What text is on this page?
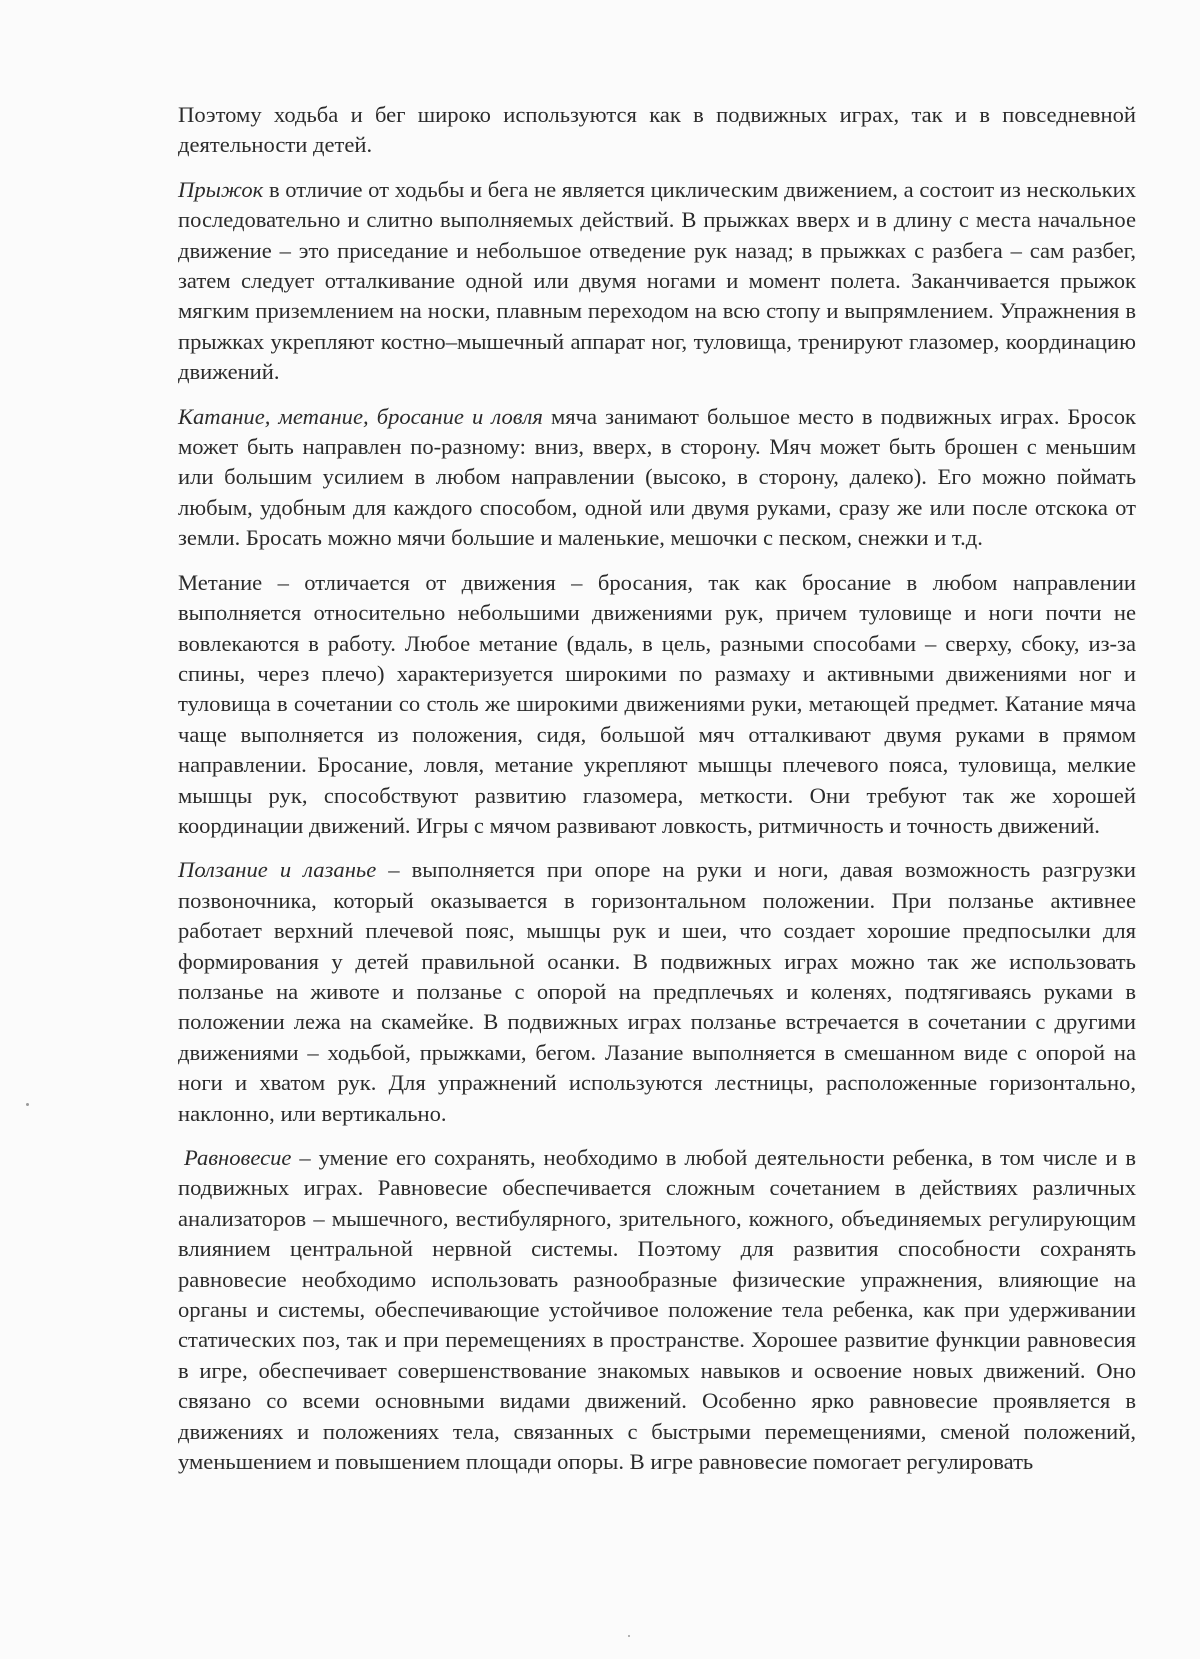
Поэтому ходьба и бег широко используются как в подвижных играх, так и в повседневной деятельности детей.

Прыжок в отличие от ходьбы и бега не является циклическим движением, а состоит из нескольких последовательно и слитно выполняемых действий. В прыжках вверх и в длину с места начальное движение – это приседание и небольшое отведение рук назад; в прыжках с разбега – сам разбег, затем следует отталкивание одной или двумя ногами и момент полета. Заканчивается прыжок мягким приземлением на носки, плавным переходом на всю стопу и выпрямлением. Упражнения в прыжках укрепляют костно–мышечный аппарат ног, туловища, тренируют глазомер, координацию движений.

Катание, метание, бросание и ловля мяча занимают большое место в подвижных играх. Бросок может быть направлен по-разному: вниз, вверх, в сторону. Мяч может быть брошен с меньшим или большим усилием в любом направлении (высоко, в сторону, далеко). Его можно поймать любым, удобным для каждого способом, одной или двумя руками, сразу же или после отскока от земли. Бросать можно мячи большие и маленькие, мешочки с песком, снежки и т.д.

Метание – отличается от движения – бросания, так как бросание в любом направлении выполняется относительно небольшими движениями рук, причем туловище и ноги почти не вовлекаются в работу. Любое метание (вдаль, в цель, разными способами – сверху, сбоку, из-за спины, через плечо) характеризуется широкими по размаху и активными движениями ног и туловища в сочетании со столь же широкими движениями руки, метающей предмет. Катание мяча чаще выполняется из положения, сидя, большой мяч отталкивают двумя руками в прямом направлении. Бросание, ловля, метание укрепляют мышцы плечевого пояса, туловища, мелкие мышцы рук, способствуют развитию глазомера, меткости. Они требуют так же хорошей координации движений. Игры с мячом развивают ловкость, ритмичность и точность движений.

Ползание и лазанье – выполняется при опоре на руки и ноги, давая возможность разгрузки позвоночника, который оказывается в горизонтальном положении. При ползанье активнее работает верхний плечевой пояс, мышцы рук и шеи, что создает хорошие предпосылки для формирования у детей правильной осанки. В подвижных играх можно так же использовать ползанье на животе и ползанье с опорой на предплечьях и коленях, подтягиваясь руками в положении лежа на скамейке. В подвижных играх ползанье встречается в сочетании с другими движениями – ходьбой, прыжками, бегом. Лазание выполняется в смешанном виде с опорой на ноги и хватом рук. Для упражнений используются лестницы, расположенные горизонтально, наклонно, или вертикально.

Равновесие – умение его сохранять, необходимо в любой деятельности ребенка, в том числе и в подвижных играх. Равновесие обеспечивается сложным сочетанием в действиях различных анализаторов – мышечного, вестибулярного, зрительного, кожного, объединяемых регулирующим влиянием центральной нервной системы. Поэтому для развития способности сохранять равновесие необходимо использовать разнообразные физические упражнения, влияющие на органы и системы, обеспечивающие устойчивое положение тела ребенка, как при удерживании статических поз, так и при перемещениях в пространстве. Хорошее развитие функции равновесия в игре, обеспечивает совершенствование знакомых навыков и освоение новых движений. Оно связано со всеми основными видами движений. Особенно ярко равновесие проявляется в движениях и положениях тела, связанных с быстрыми перемещениями, сменой положений, уменьшением и повышением площади опоры. В игре равновесие помогает регулировать
